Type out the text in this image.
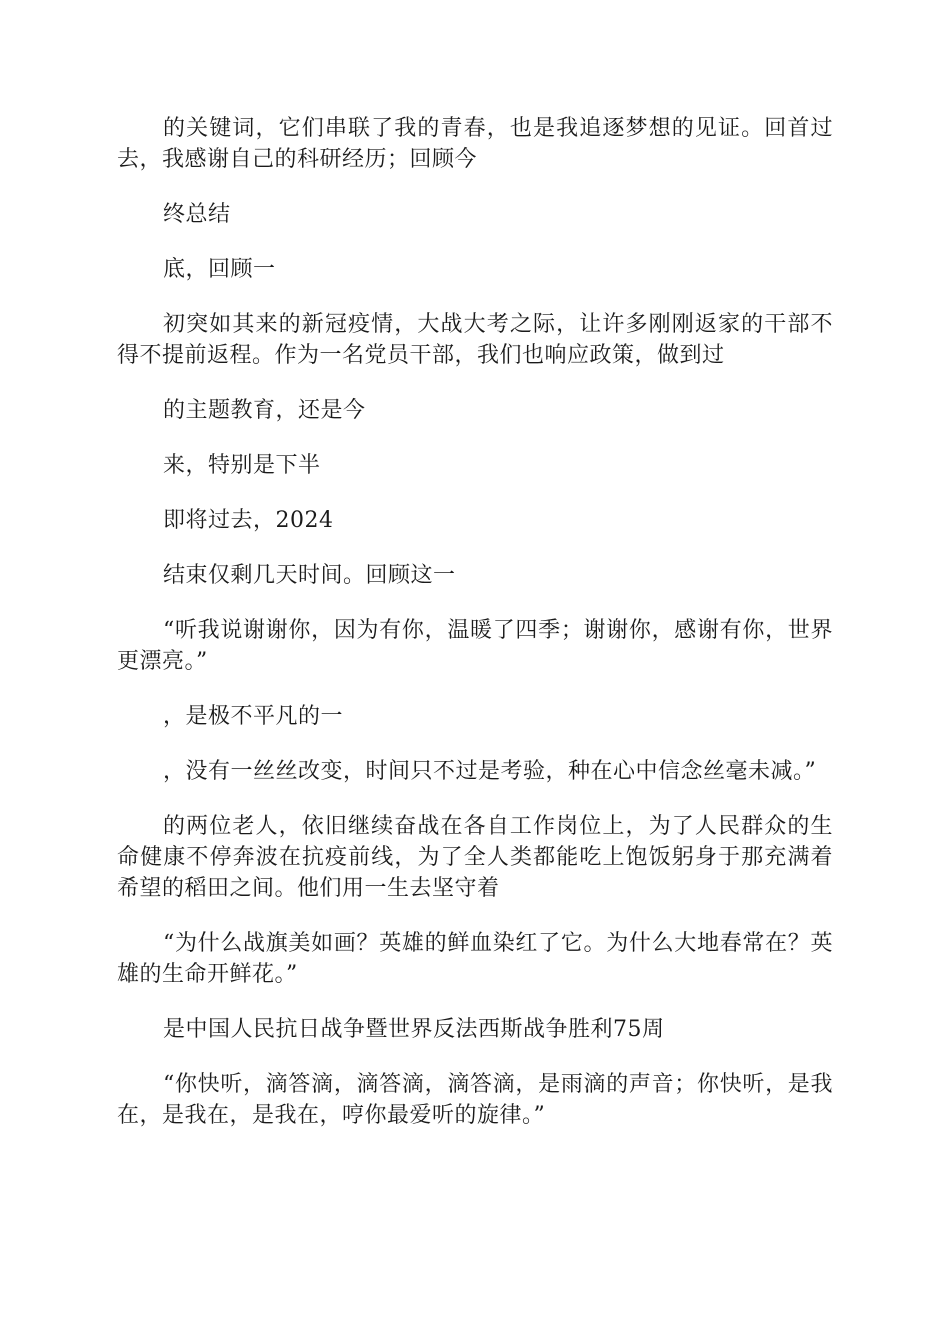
的关键词，它们串联了我的青春，也是我追逐梦想的见证。回首过去，我感谢自己的科研经历；回顾今

终总结

底，回顾一

初突如其来的新冠疫情，大战大考之际，让许多刚刚返家的干部不得不提前返程。作为一名党员干部，我们也响应政策，做到过

的主题教育，还是今

来，特别是下半

即将过去，2024

结束仅剩几天时间。回顾这一

“听我说谢谢你，因为有你，温暖了四季；谢谢你，感谢有你，世界更漂亮。”

，是极不平凡的一

，没有一丝丝改变，时间只不过是考验，种在心中信念丝毫未减。”

的两位老人，依旧继续奋战在各自工作岗位上，为了人民群众的生命健康不停奔波在抗疫前线，为了全人类都能吃上饱饭躬身于那充满着希望的稻田之间。他们用一生去坚守着

“为什么战旗美如画？英雄的鲜血染红了它。为什么大地春常在？英雄的生命开鲜花。”

是中国人民抗日战争暨世界反法西斯战争胜利75周

“你快听，滴答滴，滴答滴，滴答滴，是雨滴的声音；你快听，是我在，是我在，是我在，哼你最爱听的旋律。”
